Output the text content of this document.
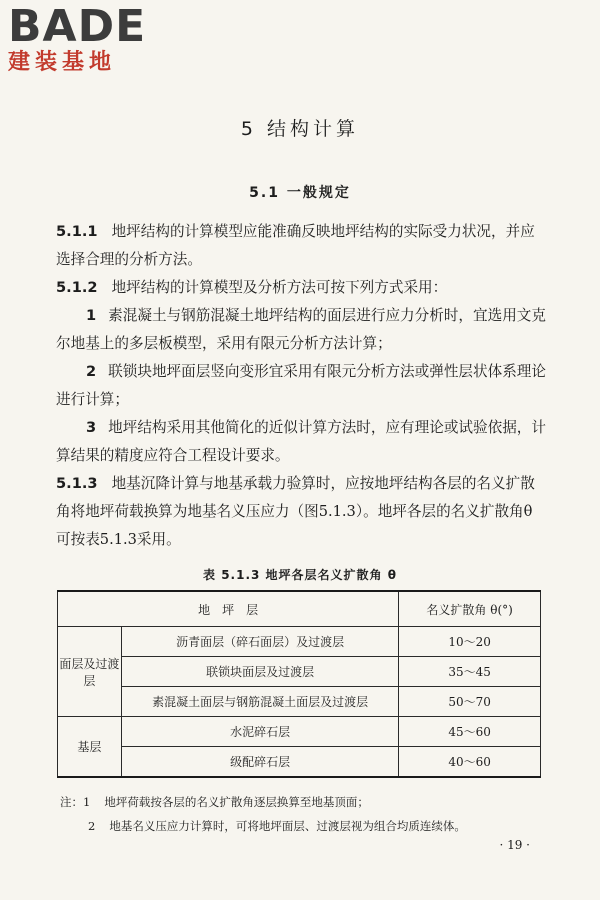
BADE
建装基地
5 结构计算
5.1 一般规定

5.1.1 地坪结构的计算模型应能准确反映地坪结构的实际受力状况，并应选择合理的分析方法。

5.1.2 地坪结构的计算模型及分析方法可按下列方式采用：

1 素混凝土与钢筋混凝土地坪结构的面层进行应力分析时，宜选用文克尔地基上的多层板模型，采用有限元分析方法计算；

2 联锁块地坪面层竖向变形宜采用有限元分析方法或弹性层状体系理论进行计算；

3 地坪结构采用其他简化的近似计算方法时，应有理论或试验依据，计算结果的精度应符合工程设计要求。

5.1.3 地基沉降计算与地基承载力验算时，应按地坪结构各层的名义扩散角将地坪荷载换算为地基名义压应力（图5.1.3）。地坪各层的名义扩散角θ可按表5.1.3采用。

表 5.1.3 地坪各层名义扩散角 θ
地　坪　层		名义扩散角 θ(°)
面层及过渡层	沥青面层（碎石面层）及过渡层	10～20
	联锁块面层及过渡层	35～45
	素混凝土面层与钢筋混凝土面层及过渡层	50～70
基层	水泥碎石层	45～60
	级配碎石层	40～60
注：1 地坪荷载按各层的名义扩散角逐层换算至地基顶面；
2 地基名义压应力计算时，可将地坪面层、过渡层视为组合均质连续体。
· 19 ·
